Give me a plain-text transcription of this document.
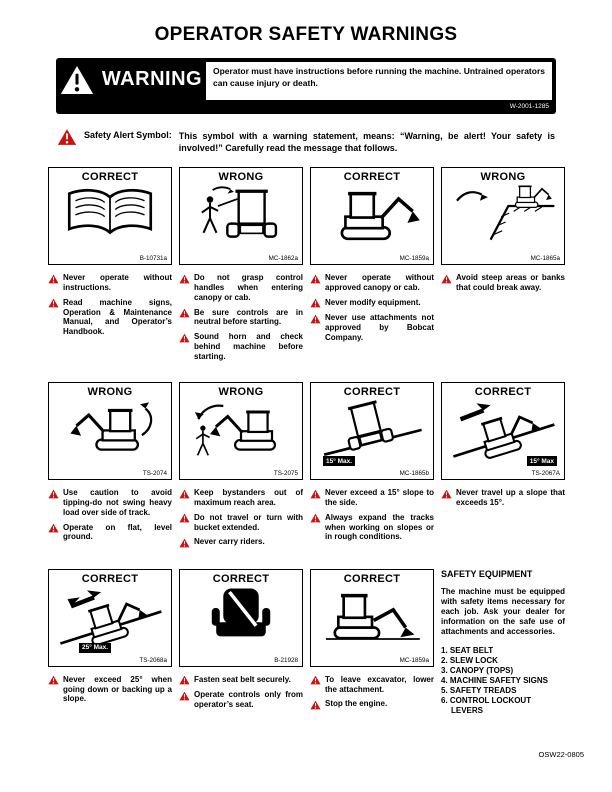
OPERATOR SAFETY WARNINGS
WARNING	Operator must have instructions before running the machine. Untrained operators can cause injury or death.
W-2001-1285
Safety Alert Symbol: This symbol with a warning statement, means: “Warning, be alert! Your safety is involved!” Carefully read the message that follows.
CORRECT
B-10731a
Never operate without instructions.
Read machine signs, Operation & Maintenance Manual, and Operator’s Handbook.
WRONG
MC-1862a
Do not grasp control handles when entering canopy or cab.
Be sure controls are in neutral before starting.
Sound horn and check behind machine before starting.
CORRECT
MC-1859a
Never operate without approved canopy or cab.
Never modify equipment.
Never use attachments not approved by Bobcat Company.
WRONG
MC-1865a
Avoid steep areas or banks that could break away.
WRONG
TS-2074
Use caution to avoid tipping-do not swing heavy load over side of track.
Operate on flat, level ground.
WRONG
TS-2075
Keep bystanders out of maximum reach area.
Do not travel or turn with bucket extended.
Never carry riders.
CORRECT
15° Max.
MC-1865b
Never exceed a 15° slope to the side.
Always expand the tracks when working on slopes or in rough conditions.
CORRECT
15° Max
TS-2067A
Never travel up a slope that exceeds 15°.
CORRECT
25° Max.
TS-2068a
Never exceed 25° when going down or backing up a slope.
CORRECT
B-21928
Fasten seat belt securely.
Operate controls only from operator’s seat.
CORRECT
MC-1859a
To leave excavator, lower the attachment.
Stop the engine.
SAFETY EQUIPMENT

The machine must be equipped with safety items necessary for each job. Ask your dealer for information on the safe use of attachments and accessories.

1. SEAT BELT
2. SLEW LOCK
3. CANOPY (TOPS)
4. MACHINE SAFETY SIGNS
5. SAFETY TREADS
6. CONTROL LOCKOUT LEVERS
OSW22-0805
